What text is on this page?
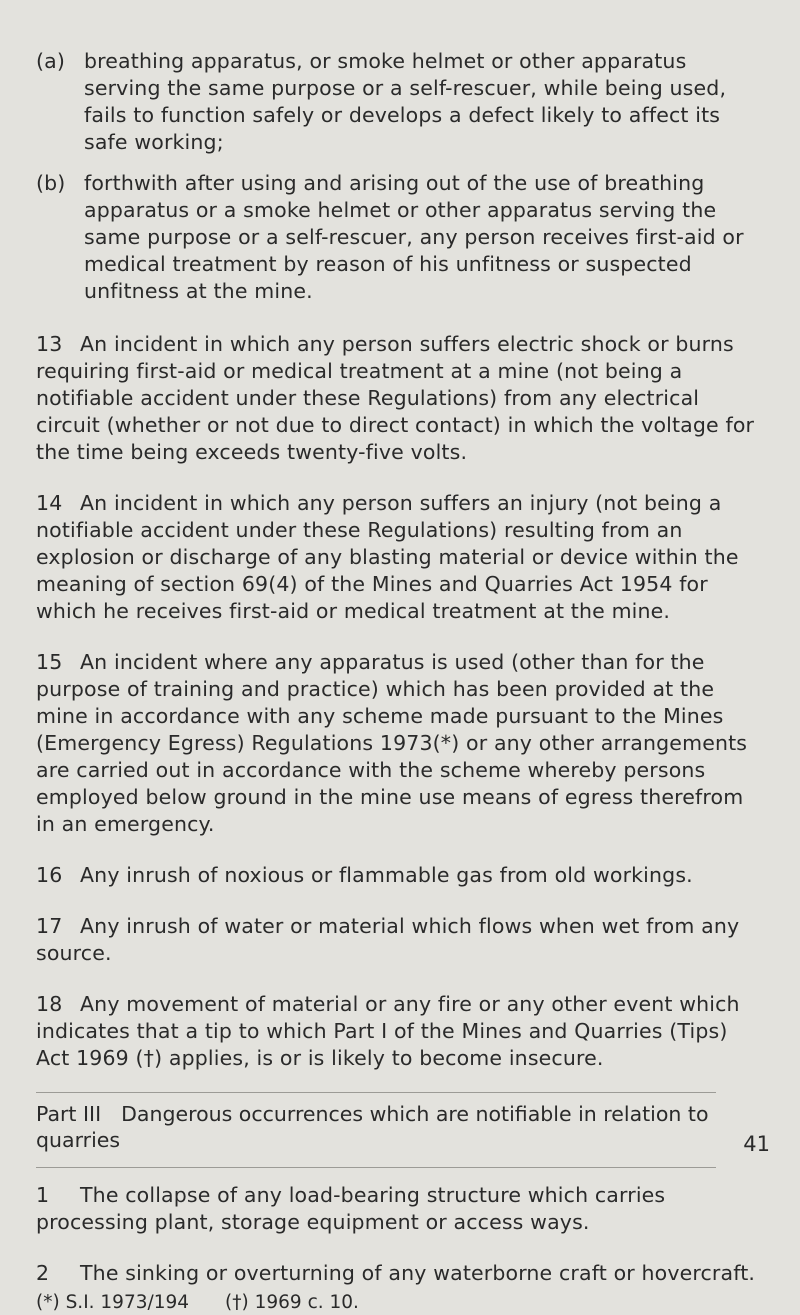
(a) breathing apparatus, or smoke helmet or other apparatus serving the same purpose or a self-rescuer, while being used, fails to function safely or develops a defect likely to affect its safe working;
(b) forthwith after using and arising out of the use of breathing apparatus or a smoke helmet or other apparatus serving the same purpose or a self-rescuer, any person receives first-aid or medical treatment by reason of his unfitness or suspected unfitness at the mine.
13 An incident in which any person suffers electric shock or burns requiring first-aid or medical treatment at a mine (not being a notifiable accident under these Regulations) from any electrical circuit (whether or not due to direct contact) in which the voltage for the time being exceeds twenty-five volts.
14 An incident in which any person suffers an injury (not being a notifiable accident under these Regulations) resulting from an explosion or discharge of any blasting material or device within the meaning of section 69(4) of the Mines and Quarries Act 1954 for which he receives first-aid or medical treatment at the mine.
15 An incident where any apparatus is used (other than for the purpose of training and practice) which has been provided at the mine in accordance with any scheme made pursuant to the Mines (Emergency Egress) Regulations 1973(*) or any other arrangements are carried out in accordance with the scheme whereby persons employed below ground in the mine use means of egress therefrom in an emergency.
16 Any inrush of noxious or flammable gas from old workings.
17 Any inrush of water or material which flows when wet from any source.
18 Any movement of material or any fire or any other event which indicates that a tip to which Part I of the Mines and Quarries (Tips) Act 1969 (†) applies, is or is likely to become insecure.
Part III Dangerous occurrences which are notifiable in relation to quarries
1 The collapse of any load-bearing structure which carries processing plant, storage equipment or access ways.
2 The sinking or overturning of any waterborne craft or hovercraft.
(*) S.I. 1973/194 (†) 1969 c. 10.
41
